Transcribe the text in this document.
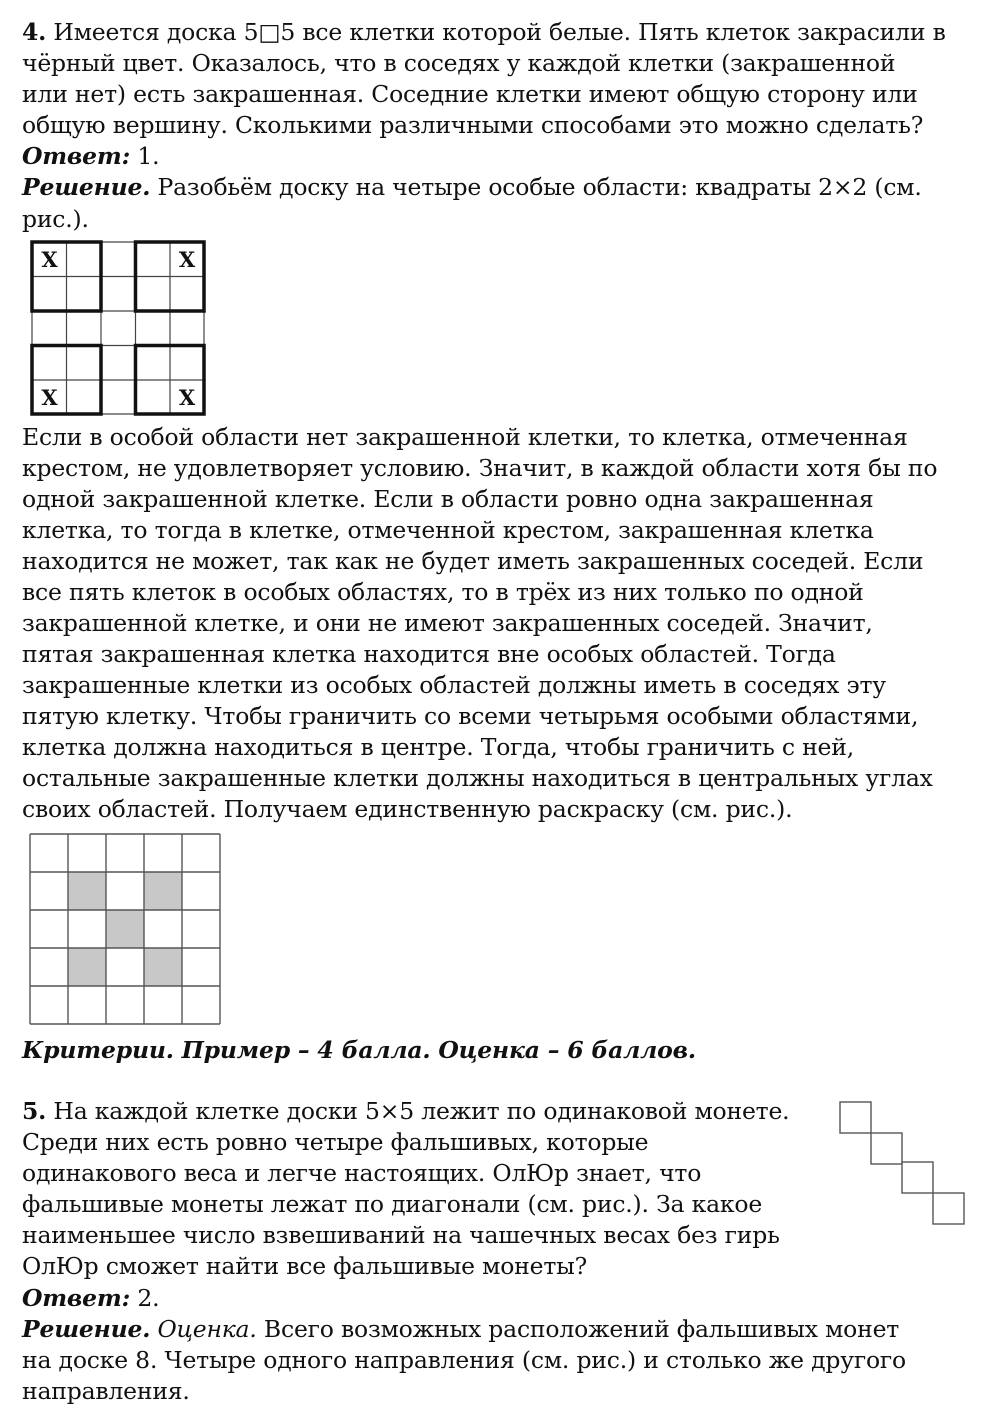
4. Имеется доска 5□5 все клетки которой белые. Пять клеток закрасили в
чёрный цвет. Оказалось, что в соседях у каждой клетки (закрашенной
или нет) есть закрашенная. Соседние клетки имеют общую сторону или
общую вершину. Сколькими различными способами это можно сделать?
Ответ: 1.
Решение. Разобьём доску на четыре особые области: квадраты 2×2 (см.
рис.).
X	X
X	X
Если в особой области нет закрашенной клетки, то клетка, отмеченная
крестом, не удовлетворяет условию. Значит, в каждой области хотя бы по
одной закрашенной клетке. Если в области ровно одна закрашенная
клетка, то тогда в клетке, отмеченной крестом, закрашенная клетка
находится не может, так как не будет иметь закрашенных соседей. Если
все пять клеток в особых областях, то в трёх из них только по одной
закрашенной клетке, и они не имеют закрашенных соседей. Значит,
пятая закрашенная клетка находится вне особых областей. Тогда
закрашенные клетки из особых областей должны иметь в соседях эту
пятую клетку. Чтобы граничить со всеми четырьмя особыми областями,
клетка должна находиться в центре. Тогда, чтобы граничить с ней,
остальные закрашенные клетки должны находиться в центральных углах
своих областей. Получаем единственную раскраску (см. рис.).
Критерии. Пример – 4 балла. Оценка – 6 баллов.
5. На каждой клетке доски 5×5 лежит по одинаковой монете.
Среди них есть ровно четыре фальшивых, которые
одинакового веса и легче настоящих. ОлЮр знает, что
фальшивые монеты лежат по диагонали (см. рис.). За какое
наименьшее число взвешиваний на чашечных весах без гирь
ОлЮр сможет найти все фальшивые монеты?
Ответ: 2.
Решение. Оценка. Всего возможных расположений фальшивых монет
на доске 8. Четыре одного направления (см. рис.) и столько же другого
направления.
